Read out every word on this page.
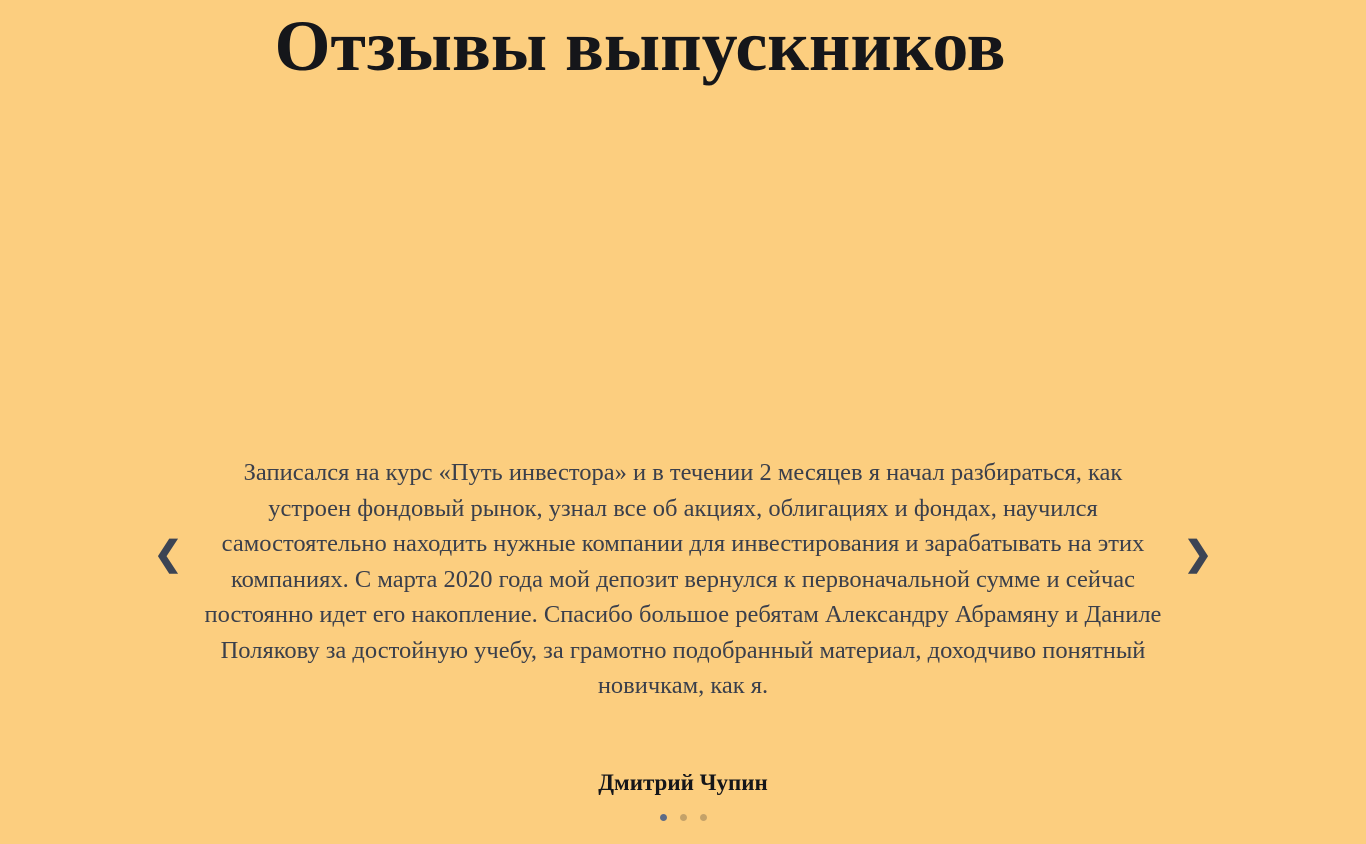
Отзывы выпускников
❮

Записался на курс «Путь инвестора» и в течении 2 месяцев я начал разбираться, как устроен фондовый рынок, узнал все об акциях, облигациях и фондах, научился самостоятельно находить нужные компании для инвестирования и зарабатывать на этих компаниях. С марта 2020 года мой депозит вернулся к первоначальной сумме и сейчас постоянно идет его накопление. Спасибо большое ребятам Александру Абрамяну и Даниле Полякову за достойную учебу, за грамотно подобранный материал, доходчиво понятный новичкам, как я.

Дмитрий Чупин
❯
